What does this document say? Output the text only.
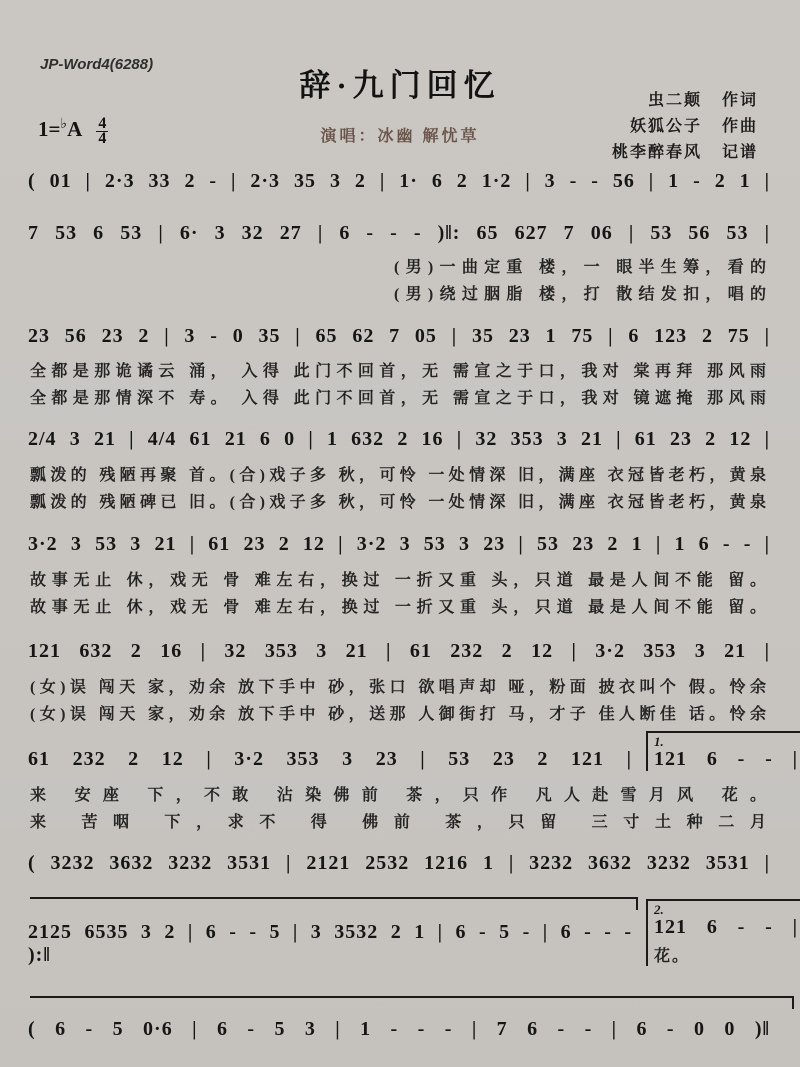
JP-Word4(6288)
辞·九门回忆	虫二颠 作词
妖狐公子 作曲
桃李醉春风 记谱
$1=^♭A \frac{4}{4}$	演唱：冰幽 解忧草
( 01 | 2·3 33 2 - | 2·3 35 3 2 | 1· 6 2 1·2 | 3 - - 56 | 1 - 2 1 |
7 53 6 53 | 6· 3 32 27 | 6 - - - )‖: 65 627 7 06 | 53 56 53 |
(男)一曲定重 楼，一 眼半生筹，看的
(男)绕过胭脂 楼，打 散结发扣，唱的
23 56 23 2 | 3 - 0 35 | 65 62 7 05 | 35 23 1 75 | 6 123 2 75 |
全都是那诡谲云 涌， 入得 此门不回首，无 需宣之于口，我对 棠再拜 那风雨
全都是那情深不 寿。 入得 此门不回首，无 需宣之于口，我对 镜遮掩 那风雨
2/4 3 21 | 4/4 61 21 6 0 | 1 632 2 16 | 32 353 3 21 | 61 23 2 12 |
瓢泼的 残陋再聚 首。(合)戏子多 秋，可怜 一处情深 旧，满座 衣冠皆老朽，黄泉
瓢泼的 残陋碑已 旧。(合)戏子多 秋，可怜 一处情深 旧，满座 衣冠皆老朽，黄泉
3·2 3 53 3 21 | 61 23 2 12 | 3·2 3 53 3 23 | 53 23 2 1 | 1 6 - - |
故事无止 休，戏无 骨 难左右，换过 一折又重 头，只道 最是人间不能 留。
故事无止 休，戏无 骨 难左右，换过 一折又重 头，只道 最是人间不能 留。
121 632 2 16 | 32 353 3 21 | 61 232 2 12 | 3·2 353 3 21 |
(女)误 闯天 家，劝余 放下手中 砂，张口 欲唱声却 哑，粉面 披衣叫个 假。怜余
(女)误 闯天 家，劝余 放下手中 砂，送那 人御街打 马，才子 佳人断佳 话。怜余
61 232 2 12 | 3·2 353 3 23 | 53 23 2 121 |
1.
121 6 - - |
来 安座 下，不敢 沾染佛前 茶，只作 凡人赴雪月风 花。
来 苦咽 下，求不 得 佛前 茶，只留 三寸土种二月
( 3232 3632 3232 3531 | 2121 2532 1216 1 | 3232 3632 3232 3531 |
2125 6535 3 2 | 6 - - 5 | 3 3532 2 1 | 6 - 5 - | 6 - - - ):‖
2.
121 6 - - |
花。
( 6 - 5 0·6 | 6 - 5 3 | 1 - - - | 7 6 - - | 6 - 0 0 )‖
